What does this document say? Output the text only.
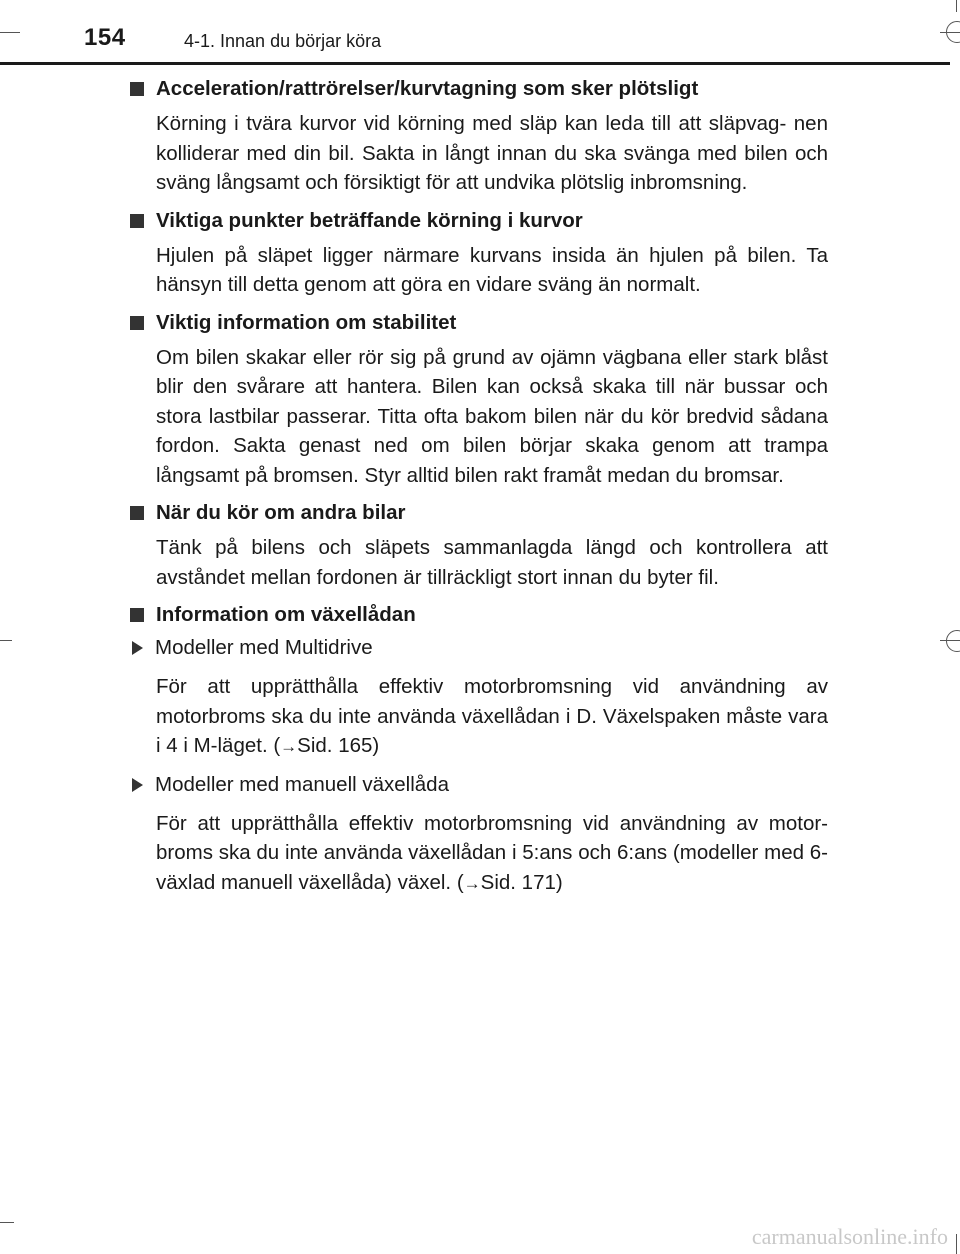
154	4-1. Innan du börjar köra
Acceleration/rattrörelser/kurvtagning som sker plötsligt

Körning i tvära kurvor vid körning med släp kan leda till att släpvag- nen kolliderar med din bil. Sakta in långt innan du ska svänga med bilen och sväng långsamt och försiktigt för att undvika plötslig inbromsning.

Viktiga punkter beträffande körning i kurvor

Hjulen på släpet ligger närmare kurvans insida än hjulen på bilen. Ta hänsyn till detta genom att göra en vidare sväng än normalt.

Viktig information om stabilitet

Om bilen skakar eller rör sig på grund av ojämn vägbana eller stark blåst blir den svårare att hantera. Bilen kan också skaka till när bussar och stora lastbilar passerar. Titta ofta bakom bilen när du kör bredvid sådana fordon. Sakta genast ned om bilen börjar skaka genom att trampa långsamt på bromsen. Styr alltid bilen rakt framåt medan du bromsar.

När du kör om andra bilar

Tänk på bilens och släpets sammanlagda längd och kontrollera att avståndet mellan fordonen är tillräckligt stort innan du byter fil.

Information om växellådan
Modeller med Multidrive

För att upprätthålla effektiv motorbromsning vid användning av motorbroms ska du inte använda växellådan i D. Växelspaken måste vara i 4 i M-läget. (→Sid. 165)

Modeller med manuell växellåda

För att upprätthålla effektiv motorbromsning vid användning av motor- broms ska du inte använda växellådan i 5:ans och 6:ans (modeller med 6-växlad manuell växellåda) växel. (→Sid. 171)

carmanualsonline.info
